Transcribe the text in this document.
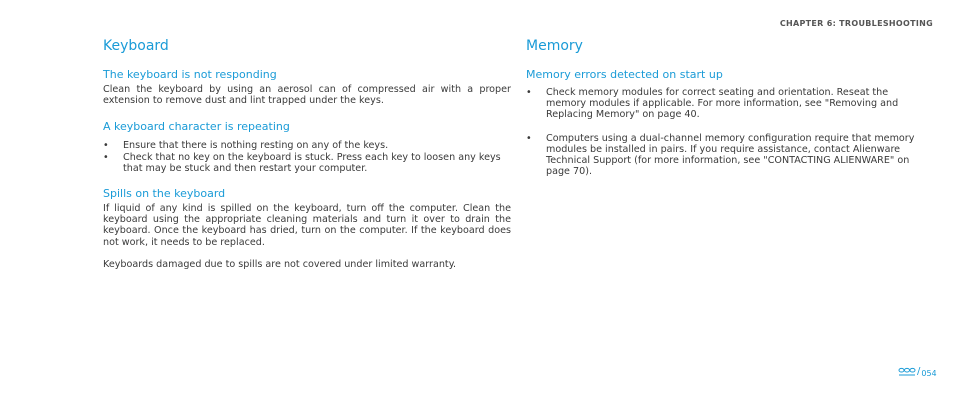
CHAPTER 6: TROUBLESHOOTING
Keyboard
The keyboard is not responding

Clean the keyboard by using an aerosol can of compressed air with a proper extension to remove dust and lint trapped under the keys.

A keyboard character is repeating
• Ensure that there is nothing resting on any of the keys.
• Check that no key on the keyboard is stuck. Press each key to loosen any keys that may be stuck and then restart your computer.
Spills on the keyboard

If liquid of any kind is spilled on the keyboard, turn off the computer. Clean the keyboard using the appropriate cleaning materials and turn it over to drain the keyboard. Once the keyboard has dried, turn on the computer. If the keyboard does not work, it needs to be replaced.

Keyboards damaged due to spills are not covered under limited warranty.

Memory
Memory errors detected on start up
• Check memory modules for correct seating and orientation. Reseat the memory modules if applicable. For more information, see "Removing and Replacing Memory" on page 40.
• Computers using a dual-channel memory configuration require that memory modules be installed in pairs. If you require assistance, contact Alienware Technical Support (for more information, see "CONTACTING ALIENWARE" on page 70).
/ 054
